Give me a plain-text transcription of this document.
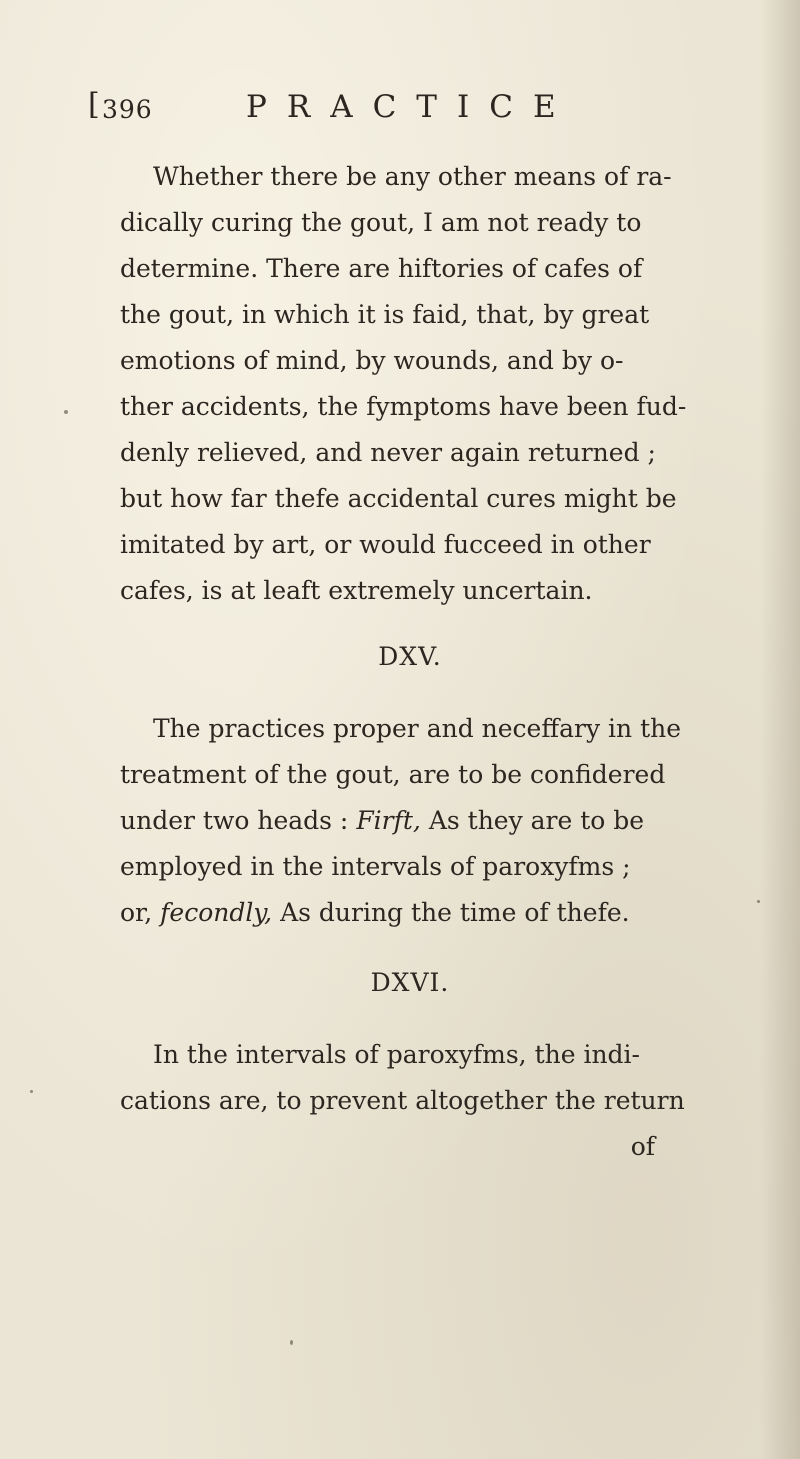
[ 396	PRACTICE
Whether there be any other means of ra-
dically curing the gout, I am not ready to
determine. There are hiftories of cafes of
the gout, in which it is faid, that, by great
emotions of mind, by wounds, and by o-
ther accidents, the fymptoms have been fud-
denly relieved, and never again returned ;
but how far thefe accidental cures might be
imitated by art, or would fucceed in other
cafes, is at leaft extremely uncertain.
DXV.
The practices proper and neceffary in the
treatment of the gout, are to be confidered
under two heads : Firft, As they are to be
employed in the intervals of paroxyfms ;
or, fecondly, As during the time of thefe.
DXVI.
In the intervals of paroxyfms, the indi-
cations are, to prevent altogether the return
of
